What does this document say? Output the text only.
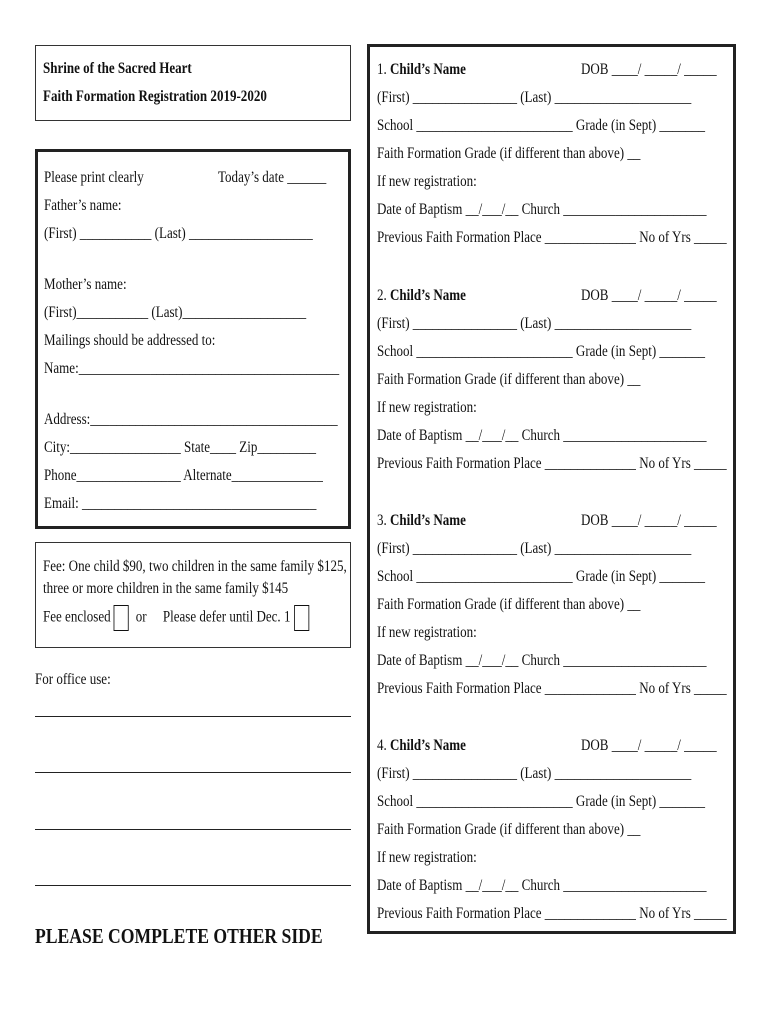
Shrine of the Sacred Heart
Faith Formation Registration 2019-2020
Please print clearly	Today’s date ______
Father’s name:
(First) ___________ (Last) ___________________
Mother’s name:
(First)___________ (Last)___________________
Mailings should be addressed to:
Name:________________________________________
Address:______________________________________
City:_________________ State____ Zip_________
Phone________________ Alternate______________
Email: ____________________________________
Fee: One child $90, two children in the same family $125,
three or more children in the same family $145
Fee enclosed or Please defer until Dec. 1
For office use:
PLEASE COMPLETE OTHER SIDE
1. Child’s Name	DOB ____/ _____/ _____
(First) ________________ (Last) _____________________
School ________________________ Grade (in Sept) _______
Faith Formation Grade (if different than above) __
If new registration:
Date of Baptism __/___/__ Church ______________________
Previous Faith Formation Place ______________ No of Yrs _____
2. Child’s Name	DOB ____/ _____/ _____
(First) ________________ (Last) _____________________
School ________________________ Grade (in Sept) _______
Faith Formation Grade (if different than above) __
If new registration:
Date of Baptism __/___/__ Church ______________________
Previous Faith Formation Place ______________ No of Yrs _____
3. Child’s Name	DOB ____/ _____/ _____
(First) ________________ (Last) _____________________
School ________________________ Grade (in Sept) _______
Faith Formation Grade (if different than above) __
If new registration:
Date of Baptism __/___/__ Church ______________________
Previous Faith Formation Place ______________ No of Yrs _____
4. Child’s Name	DOB ____/ _____/ _____
(First) ________________ (Last) _____________________
School ________________________ Grade (in Sept) _______
Faith Formation Grade (if different than above) __
If new registration:
Date of Baptism __/___/__ Church ______________________
Previous Faith Formation Place ______________ No of Yrs _____
